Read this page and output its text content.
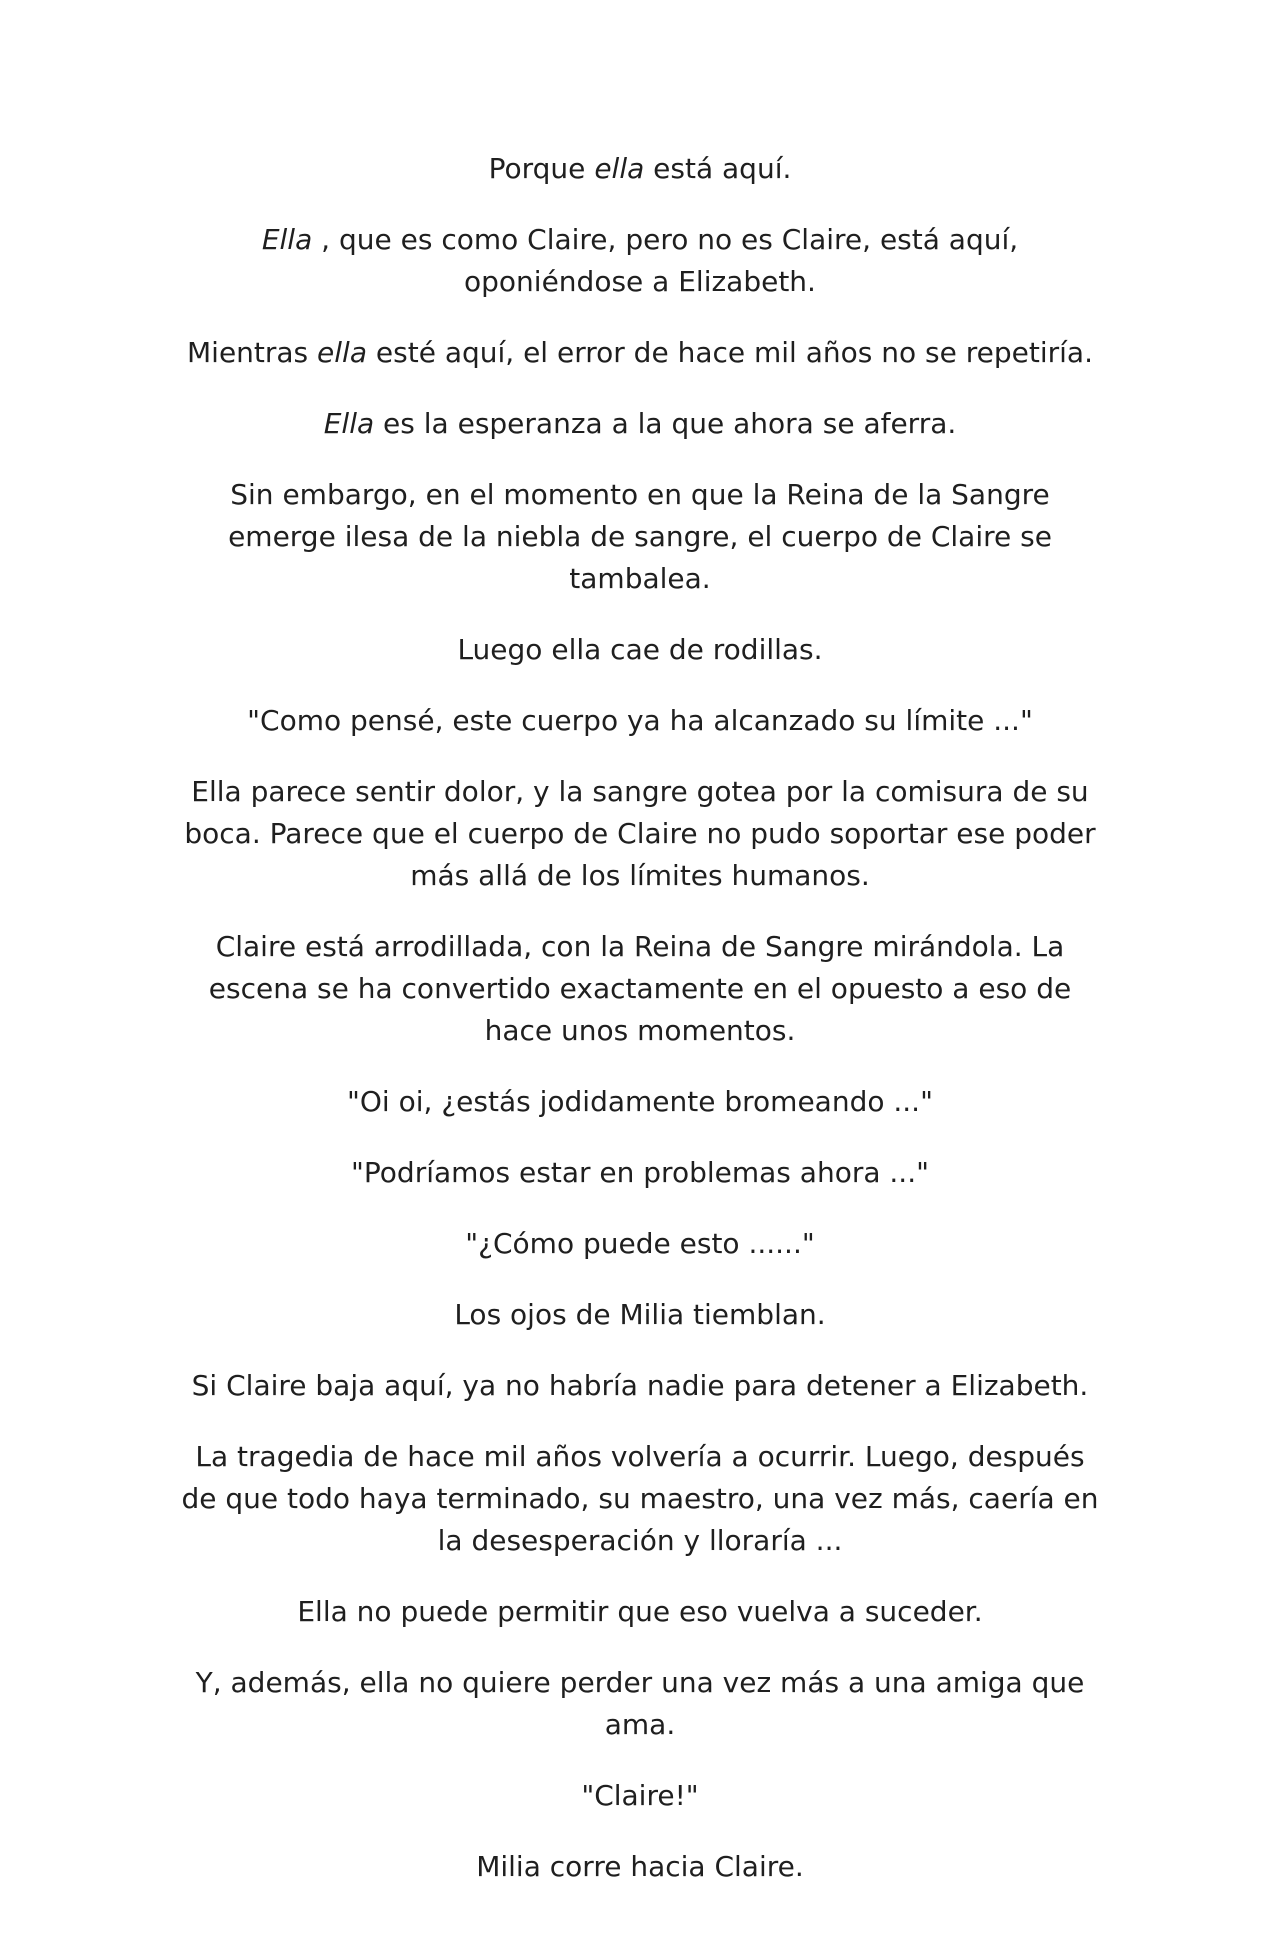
Porque ella está aquí.

Ella , que es como Claire, pero no es Claire, está aquí, oponiéndose a Elizabeth.

Mientras ella esté aquí, el error de hace mil años no se repetiría.

Ella es la esperanza a la que ahora se aferra.

Sin embargo, en el momento en que la Reina de la Sangre emerge ilesa de la niebla de sangre, el cuerpo de Claire se tambalea.

Luego ella cae de rodillas.

"Como pensé, este cuerpo ya ha alcanzado su límite ..."

Ella parece sentir dolor, y la sangre gotea por la comisura de su boca. Parece que el cuerpo de Claire no pudo soportar ese poder más allá de los límites humanos.

Claire está arrodillada, con la Reina de Sangre mirándola. La escena se ha convertido exactamente en el opuesto a eso de hace unos momentos.

"Oi oi, ¿estás jodidamente bromeando ..."

"Podríamos estar en problemas ahora ..."

"¿Cómo puede esto ......"

Los ojos de Milia tiemblan.

Si Claire baja aquí, ya no habría nadie para detener a Elizabeth.

La tragedia de hace mil años volvería a ocurrir. Luego, después de que todo haya terminado, su maestro, una vez más, caería en la desesperación y lloraría ...

Ella no puede permitir que eso vuelva a suceder.

Y, además, ella no quiere perder una vez más a una amiga que ama.

"Claire!"

Milia corre hacia Claire.
